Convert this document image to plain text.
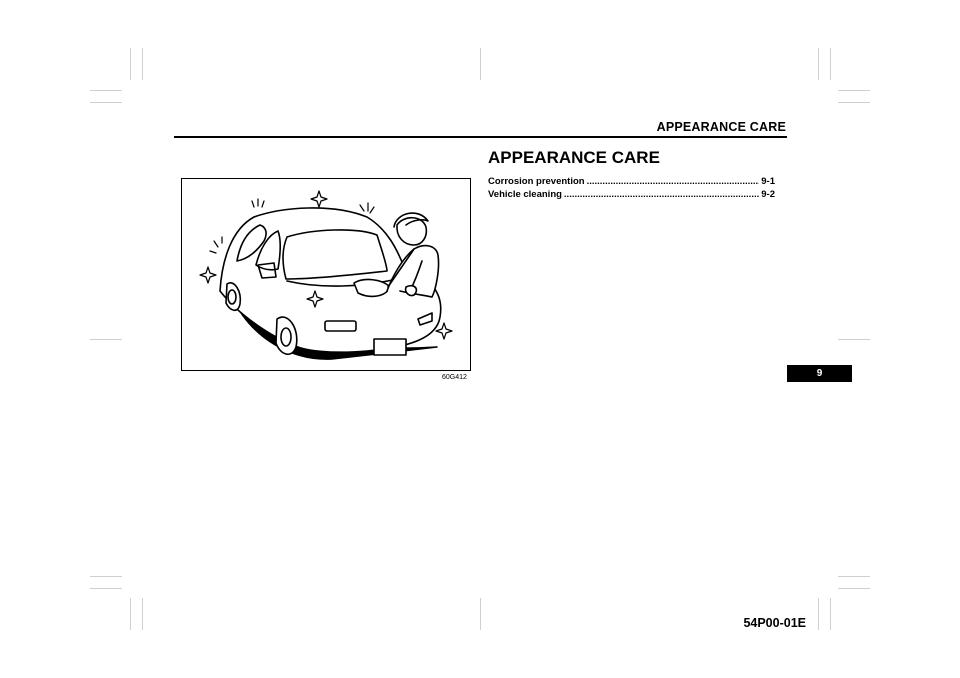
APPEARANCE CARE
60G412
APPEARANCE CARE
Corrosion prevention .....	9-1
Vehicle cleaning .....	9-2
9
54P00-01E
